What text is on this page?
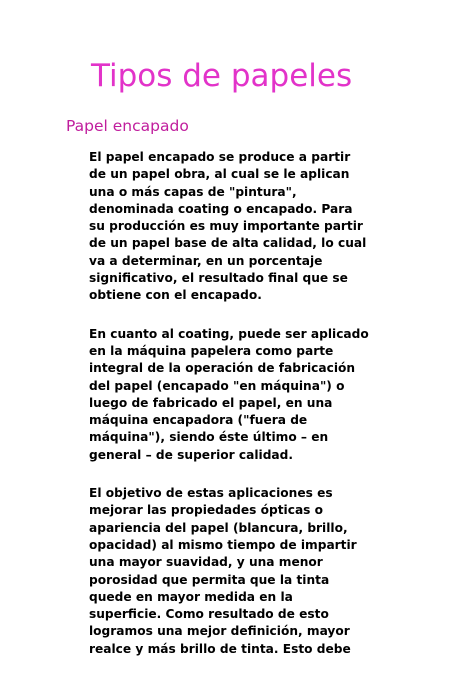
Tipos de papeles
Papel encapado

El papel encapado se produce a partir
de un papel obra, al cual se le aplican
una o más capas de "pintura",
denominada coating o encapado. Para
su producción es muy importante partir
de un papel base de alta calidad, lo cual
va a determinar, en un porcentaje
significativo, el resultado final que se
obtiene con el encapado.

En cuanto al coating, puede ser aplicado
en la máquina papelera como parte
integral de la operación de fabricación
del papel (encapado "en máquina") o
luego de fabricado el papel, en una
máquina encapadora ("fuera de
máquina"), siendo éste último – en
general – de superior calidad.

El objetivo de estas aplicaciones es
mejorar las propiedades ópticas o
apariencia del papel (blancura, brillo,
opacidad) al mismo tiempo de impartir
una mayor suavidad, y una menor
porosidad que permita que la tinta
quede en mayor medida en la
superficie. Como resultado de esto
logramos una mejor definición, mayor
realce y más brillo de tinta. Esto debe
